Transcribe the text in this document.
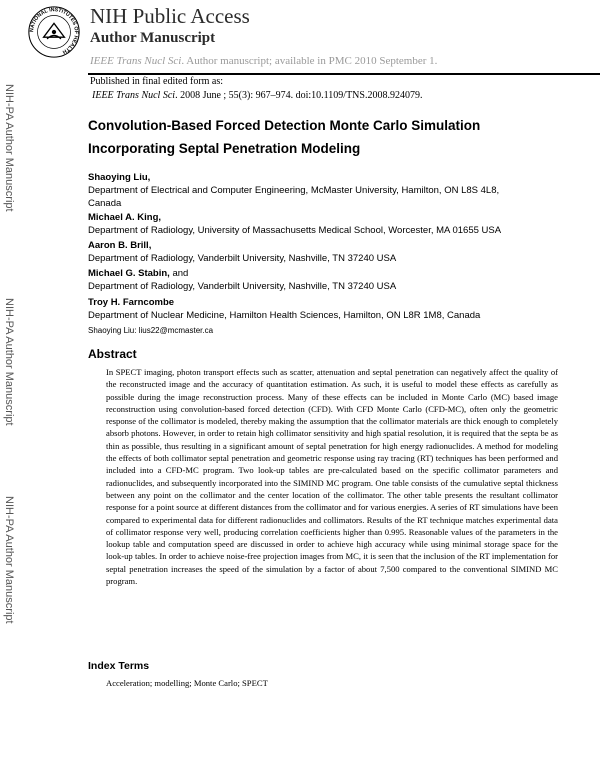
NATIONAL INSTITUTES OF HEALTH
NIH Public Access
Author Manuscript
IEEE Trans Nucl Sci. Author manuscript; available in PMC 2010 September 1.
Published in final edited form as:
IEEE Trans Nucl Sci. 2008 June ; 55(3): 967–974. doi:10.1109/TNS.2008.924079.
NIH-PA Author Manuscript
NIH-PA Author Manuscript
NIH-PA Author Manuscript
Convolution-Based Forced Detection Monte Carlo Simulation
Incorporating Septal Penetration Modeling
Shaoying Liu,
Department of Electrical and Computer Engineering, McMaster University, Hamilton, ON L8S 4L8, Canada
Michael A. King,
Department of Radiology, University of Massachusetts Medical School, Worcester, MA 01655 USA
Aaron B. Brill,
Department of Radiology, Vanderbilt University, Nashville, TN 37240 USA
Michael G. Stabin, and
Department of Radiology, Vanderbilt University, Nashville, TN 37240 USA
Troy H. Farncombe
Department of Nuclear Medicine, Hamilton Health Sciences, Hamilton, ON L8R 1M8, Canada
Shaoying Liu: lius22@mcmaster.ca
Abstract

In SPECT imaging, photon transport effects such as scatter, attenuation and septal penetration can negatively affect the quality of the reconstructed image and the accuracy of quantitation estimation. As such, it is useful to model these effects as carefully as possible during the image reconstruction process. Many of these effects can be included in Monte Carlo (MC) based image reconstruction using convolution-based forced detection (CFD). With CFD Monte Carlo (CFD-MC), often only the geometric response of the collimator is modeled, thereby making the assumption that the collimator materials are thick enough to completely absorb photons. However, in order to retain high collimator sensitivity and high spatial resolution, it is required that the septa be as thin as possible, thus resulting in a significant amount of septal penetration for high energy radionuclides. A method for modeling the effects of both collimator septal penetration and geometric response using ray tracing (RT) techniques has been performed and included into a CFD-MC program. Two look-up tables are pre-calculated based on the specific collimator parameters and radionuclides, and subsequently incorporated into the SIMIND MC program. One table consists of the cumulative septal thickness between any point on the collimator and the center location of the collimator. The other table presents the resultant collimator response for a point source at different distances from the collimator and for various energies. A series of RT simulations have been compared to experimental data for different radionuclides and collimators. Results of the RT technique matches experimental data of collimator response very well, producing correlation coefficients higher than 0.995. Reasonable values of the parameters in the lookup table and computation speed are discussed in order to achieve high accuracy while using minimal storage space for the look-up tables. In order to achieve noise-free projection images from MC, it is seen that the inclusion of the RT implementation for septal penetration increases the speed of the simulation by a factor of about 7,500 compared to the conventional SIMIND MC program.

Index Terms
Acceleration; modelling; Monte Carlo; SPECT
